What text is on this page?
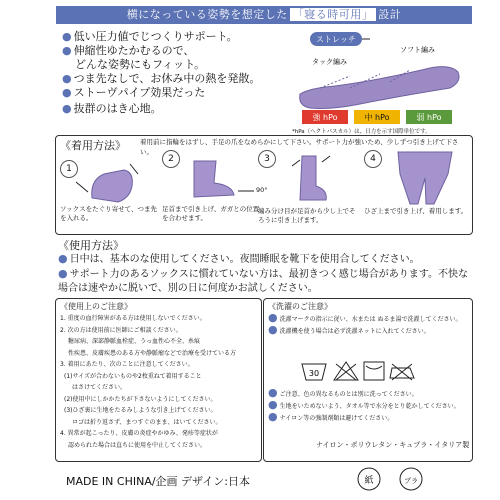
横になっている姿勢を想定した 「寝る時可用」 設計
● 低い圧力値でじつくりサポート。
● 伸縮性ゆたかむるので、
どんな姿勢にもフィット。
● つま先なしで、お休み中の熱を発散。
● ストーヴパイプ効果だった
● 抜群のはき心地。
ストレッチ
ソフト編み
タック編み
強 hPo	中 hPo	弱 hPo
*hPa（ヘクトパスカル）は、日力を示す国際単位です。
《着用方法》 着用前に指輪をはずし、手足の爪をなめらかにして下さい。サポート力が強いため、少しずつ引き上げて下さい。
1
ソックスをたぐり寄せて、つま先を入れる。
2
90°
足首まで引き上げ、ガガとの位置を合わせます。
3
編み分け目が足首から少し上でそろうに引き上げます。
4
ひざ上まで引き上げ、着用します。
《使用方法》
● 日中は、基本のな使用してください。夜間睡眠を靴下を使用合してください。
● サポート力のあるソックスに慣れていない方は、最初きつく感じ場合があります。不快な場合は速やかに脱いで、別の日に何度かお試しください。
《使用上のご注意》
1. 重度の血行障害がある方は使用しないでください。
2. 次の方は使用前に医師にご相談ください。
糖尿病、深部静脈血栓症、うっ血性心不全、糸痕
性疾患、皮膚疾患のある方や静脈瘤などで治療を受けている方
3. 着用にあたり、次のことに注意してください。
(1)サイズが合わないものや2枚重ねて着用すること
はさけてください。
(2)使用中にしかかたちが下さないようにしてください。
(3)ひざ裏に生地をたるみしような引き上げてください。
ロゴは折り返さず、まつすぐのまま、はいてください。
4. 異常が起こったり、皮膚の炎症やかゆみ、発疹等症状が
認められた場合は直ちに使用を中止してください。
《洗濯のご注意》
● 洗濯マークの指示に従い、水または ぬるま湯で洗濯してください。
● 洗濯機を使う場合は必ず洗濯ネットに入れてください。
30
● ご注意、色の異なるものとは別に洗ってください。
● 生地をいためないよう、タオル等で水分をとり乾かしてください。
● ナイロン等の強制剤類は避けてください。
ナイロン・ポリウレタン・キュプラ・イタリア製
MADE IN CHINA/企画 デザイン:日本	紙	プラ
